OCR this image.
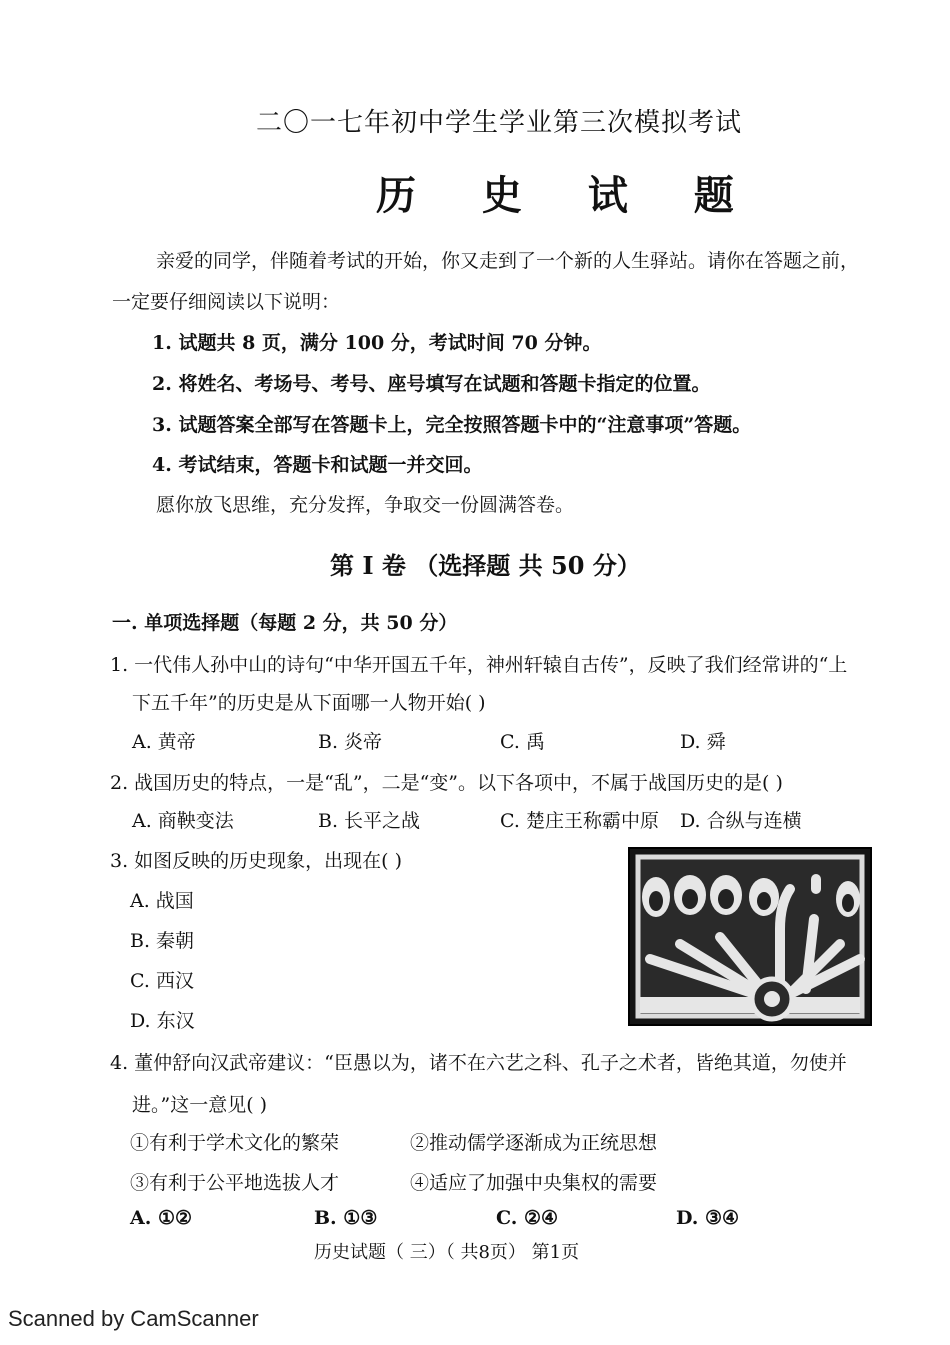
二〇一七年初中学生学业第三次模拟考试
历 史 试 题
亲爱的同学，伴随着考试的开始，你又走到了一个新的人生驿站。请你在答题之前，
一定要仔细阅读以下说明：
1. 试题共 8 页，满分 100 分，考试时间 70 分钟。
2. 将姓名、考场号、考号、座号填写在试题和答题卡指定的位置。
3. 试题答案全部写在答题卡上，完全按照答题卡中的“注意事项”答题。
4. 考试结束，答题卡和试题一并交回。
愿你放飞思维，充分发挥，争取交一份圆满答卷。
第 I 卷 （选择题 共 50 分）
一. 单项选择题（每题 2 分，共 50 分）
1. 一代伟人孙中山的诗句“中华开国五千年，神州轩辕自古传”，反映了我们经常讲的“上
下五千年”的历史是从下面哪一人物开始( )
A. 黄帝	B. 炎帝	C. 禹	D. 舜
2. 战国历史的特点，一是“乱”，二是“变”。以下各项中，不属于战国历史的是( )
A. 商鞅变法	B. 长平之战	C. 楚庄王称霸中原 D. 合纵与连横
3. 如图反映的历史现象，出现在( )
A. 战国
B. 秦朝
C. 西汉
D. 东汉
4. 董仲舒向汉武帝建议：“臣愚以为，诸不在六艺之科、孔子之术者，皆绝其道，勿使并
进。”这一意见( )
①有利于学术文化的繁荣	②推动儒学逐渐成为正统思想
③有利于公平地选拔人才	④适应了加强中央集权的需要
A. ①②	B. ①③	C. ②④	D. ③④
历史试题（ 三）（ 共8页） 第1页
Scanned by CamScanner
